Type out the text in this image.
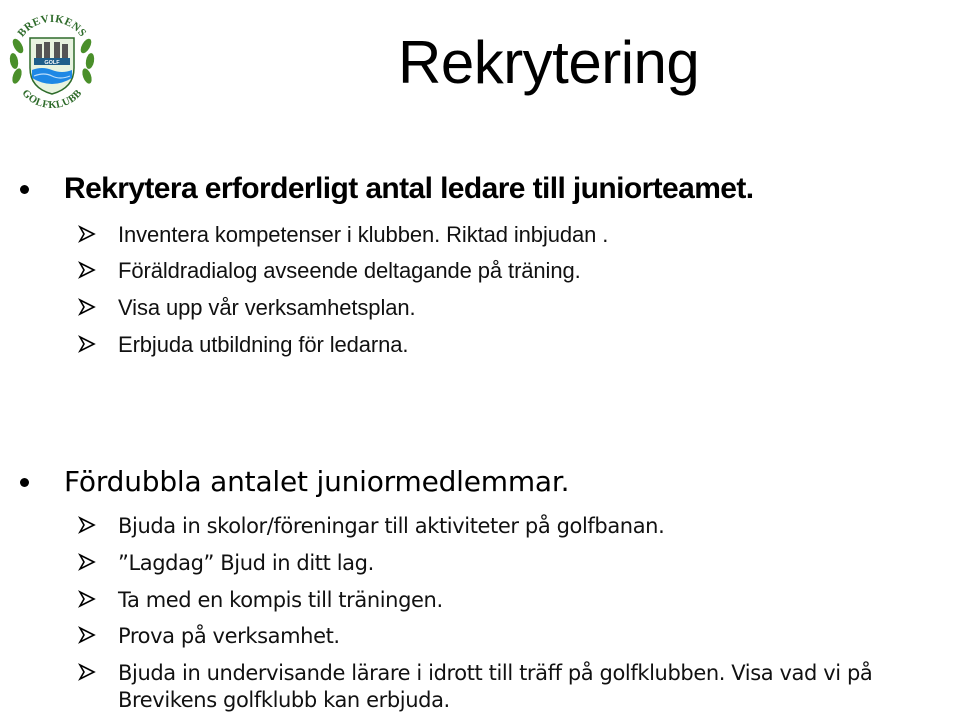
GOLF
BREVIKENS
GOLFKLUBB	Rekrytering
Rekrytera erforderligt antal ledare till juniorteamet.
Inventera kompetenser i klubben. Riktad inbjudan .
Föräldradialog avseende deltagande på träning.
Visa upp vår verksamhetsplan.
Erbjuda utbildning för ledarna.
Fördubbla antalet juniormedlemmar.
Bjuda in skolor/föreningar till aktiviteter på golfbanan.
”Lagdag” Bjud in ditt lag.
Ta med en kompis till träningen.
Prova på verksamhet.
Bjuda in undervisande lärare i idrott till träff på golfklubben. Visa vad vi på
Brevikens golfklubb kan erbjuda.
